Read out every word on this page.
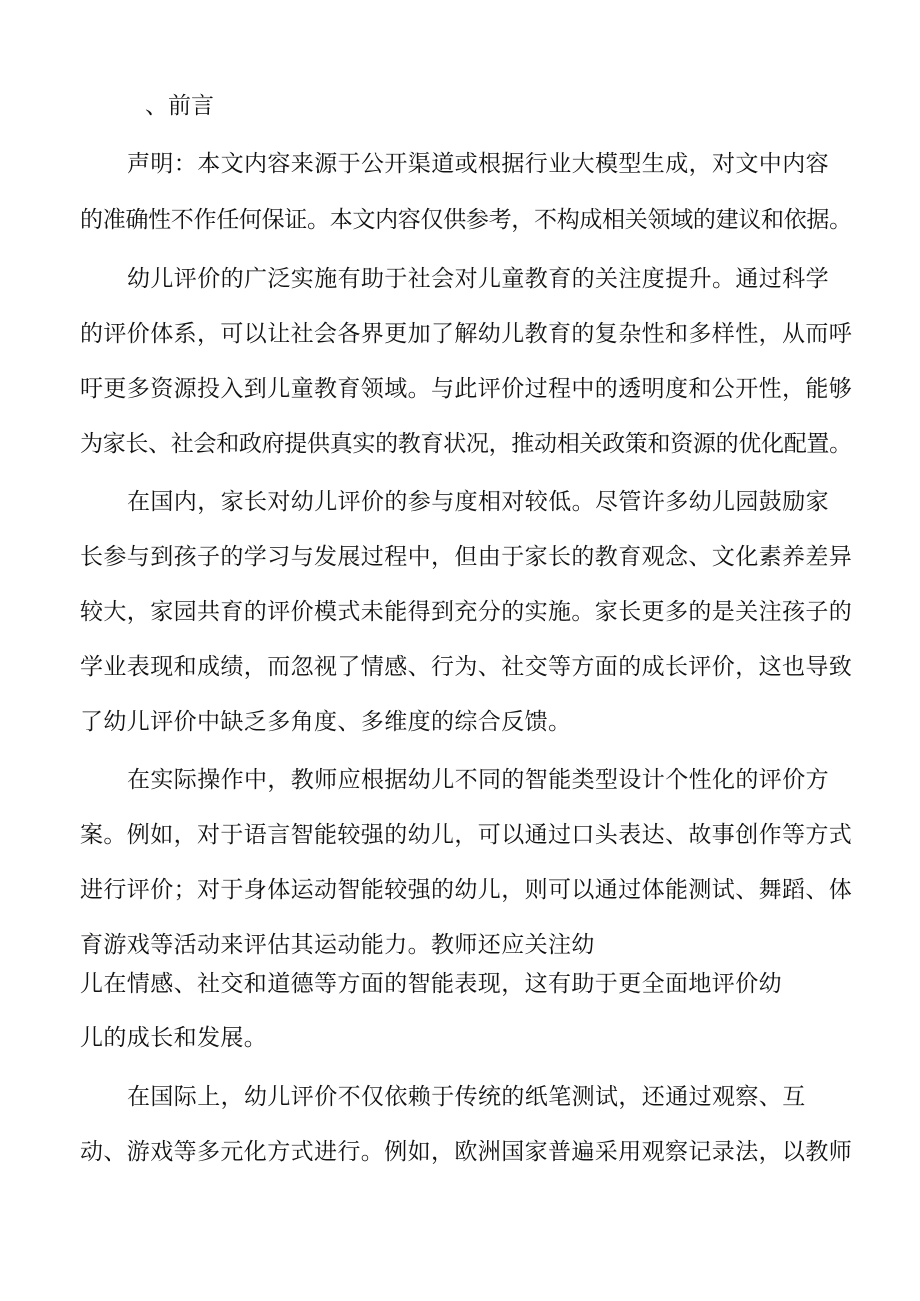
、前言
声明：本文内容来源于公开渠道或根据行业大模型生成，对文中内容
的准确性不作任何保证。本文内容仅供参考，不构成相关领域的建议和依据。
幼儿评价的广泛实施有助于社会对儿童教育的关注度提升。通过科学
的评价体系，可以让社会各界更加了解幼儿教育的复杂性和多样性，从而呼
吁更多资源投入到儿童教育领域。与此评价过程中的透明度和公开性，能够
为家长、社会和政府提供真实的教育状况，推动相关政策和资源的优化配置。
在国内，家长对幼儿评价的参与度相对较低。尽管许多幼儿园鼓励家
长参与到孩子的学习与发展过程中，但由于家长的教育观念、文化素养差异
较大，家园共育的评价模式未能得到充分的实施。家长更多的是关注孩子的
学业表现和成绩，而忽视了情感、行为、社交等方面的成长评价，这也导致
了幼儿评价中缺乏多角度、多维度的综合反馈。
在实际操作中，教师应根据幼儿不同的智能类型设计个性化的评价方
案。例如，对于语言智能较强的幼儿，可以通过口头表达、故事创作等方式
进行评价；对于身体运动智能较强的幼儿，则可以通过体能测试、舞蹈、体
育游戏等活动来评估其运动能力。教师还应关注幼
儿在情感、社交和道德等方面的智能表现，这有助于更全面地评价幼
儿的成长和发展。
在国际上，幼儿评价不仅依赖于传统的纸笔测试，还通过观察、互
动、游戏等多元化方式进行。例如，欧洲国家普遍采用观察记录法，以教师
